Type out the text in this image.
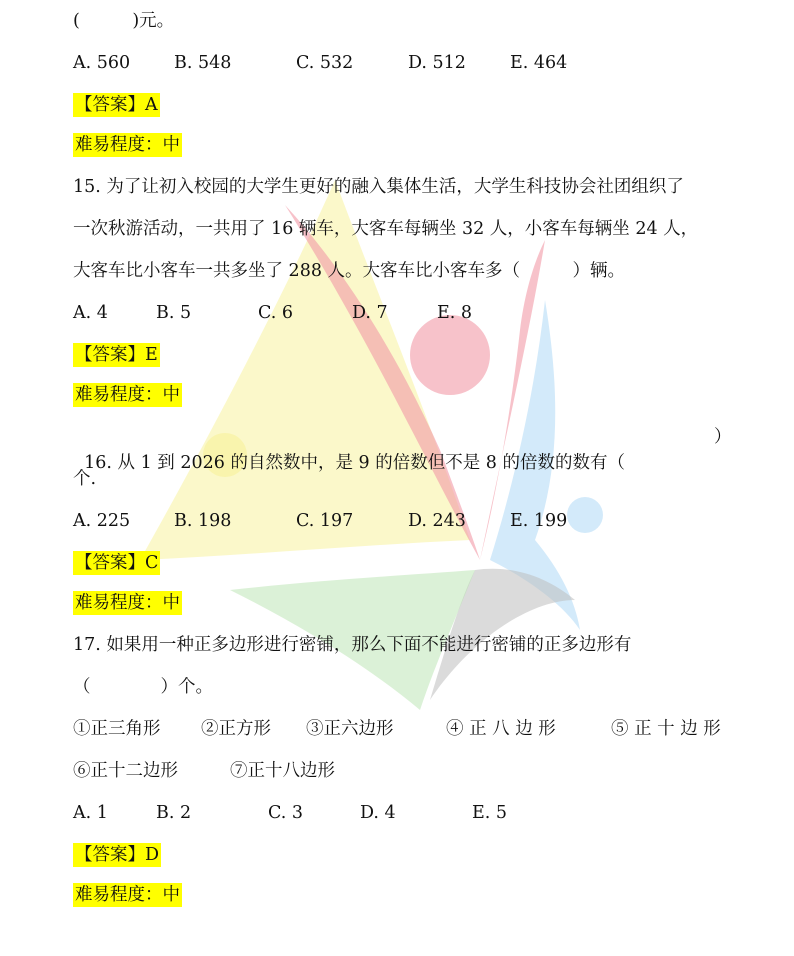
(　　　)元。

A. 560

	B. 548

	C. 532

	D. 512

	E. 464

【答案】A
难易程度：中
15. 为了让初入校园的大学生更好的融入集体生活，大学生科技协会社团组织了
一次秋游活动，一共用了 16 辆车，大客车每辆坐 32 人，小客车每辆坐 24 人，
大客车比小客车一共多坐了 288 人。大客车比小客车多（　　　）辆。

A. 4

	B. 5

	C. 6

	D. 7

	E. 8

【答案】E
难易程度：中

16. 从 1 到 2026 的自然数中，是 9 的倍数但不是 8 的倍数的数有（

）

个.

A. 225

	B. 198

	C. 197

	D. 243

	E. 199

【答案】C
难易程度：中
17. 如果用一种正多边形进行密铺，那么下面不能进行密铺的正多边形有
（　　　　）个。

①正三角形

②正方形

③正六边形

	④ 正 八 边 形

	⑤ 正 十 边 形

⑥正十二边形

	⑦正十八边形

A. 1

	B. 2

	C. 3

	D. 4

	E. 5

【答案】D
难易程度：中
